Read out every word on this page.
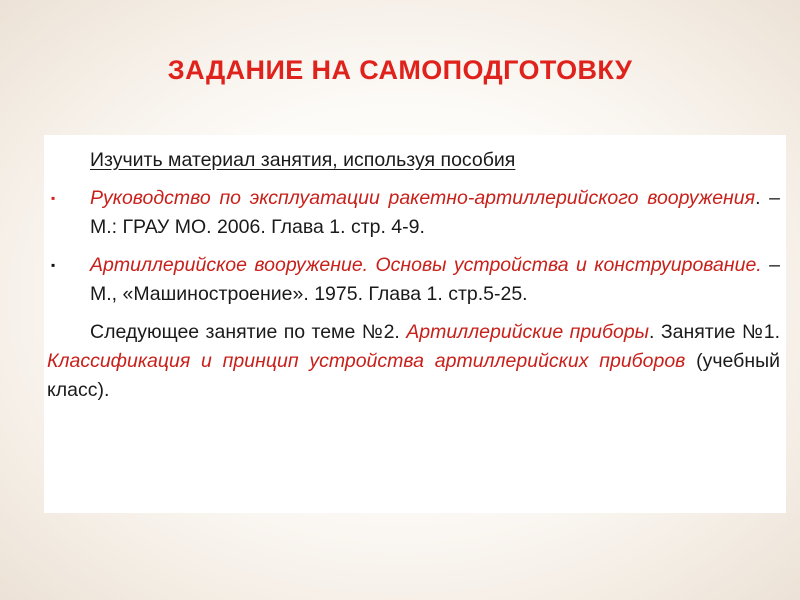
ЗАДАНИЕ НА САМОПОДГОТОВКУ
Изучить материал занятия, используя пособия
▪ Руководство по эксплуатации ракетно-артиллерийского вооружения. – М.: ГРАУ МО. 2006. Глава 1. стр. 4-9.
▪ Артиллерийское вооружение. Основы устройства и конструирование. – М., «Машиностроение». 1975. Глава 1. стр.5-25.
Следующее занятие по теме №2. Артиллерийские приборы. Занятие №1. Классификация и принцип устройства артиллерийских приборов (учебный класс).
